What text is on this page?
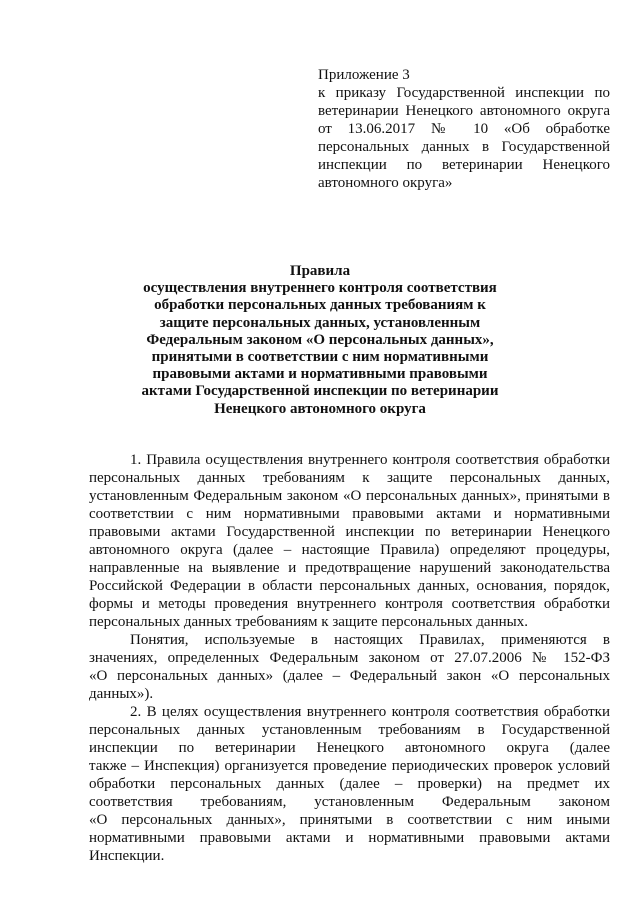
Приложение 3
к приказу Государственной инспекции по
ветеринарии Ненецкого автономного округа
от 13.06.2017 № 10 «Об обработке
персональных данных в Государственной
инспекции по ветеринарии Ненецкого
автономного округа»
Правила
осуществления внутреннего контроля соответствия
обработки персональных данных требованиям к
защите персональных данных, установленным
Федеральным законом «О персональных данных»,
принятыми в соответствии с ним нормативными
правовыми актами и нормативными правовыми
актами Государственной инспекции по ветеринарии
Ненецкого автономного округа
1. Правила осуществления внутреннего контроля соответствия обработки
персональных данных требованиям к защите персональных данных,
установленным Федеральным законом «О персональных данных», принятыми в
соответствии с ним нормативными правовыми актами и нормативными
правовыми актами Государственной инспекции по ветеринарии Ненецкого
автономного округа (далее – настоящие Правила) определяют процедуры,
направленные на выявление и предотвращение нарушений законодательства
Российской Федерации в области персональных данных, основания, порядок,
формы и методы проведения внутреннего контроля соответствия обработки
персональных данных требованиям к защите персональных данных.
Понятия, используемые в настоящих Правилах, применяются в
значениях, определенных Федеральным законом от 27.07.2006 № 152-ФЗ
«О персональных данных» (далее – Федеральный закон «О персональных
данных»).
2. В целях осуществления внутреннего контроля соответствия обработки
персональных данных установленным требованиям в Государственной
инспекции по ветеринарии Ненецкого автономного округа (далее
также – Инспекция) организуется проведение периодических проверок условий
обработки персональных данных (далее – проверки) на предмет их
соответствия требованиям, установленным Федеральным законом
«О персональных данных», принятыми в соответствии с ним иными
нормативными правовыми актами и нормативными правовыми актами
Инспекции.
